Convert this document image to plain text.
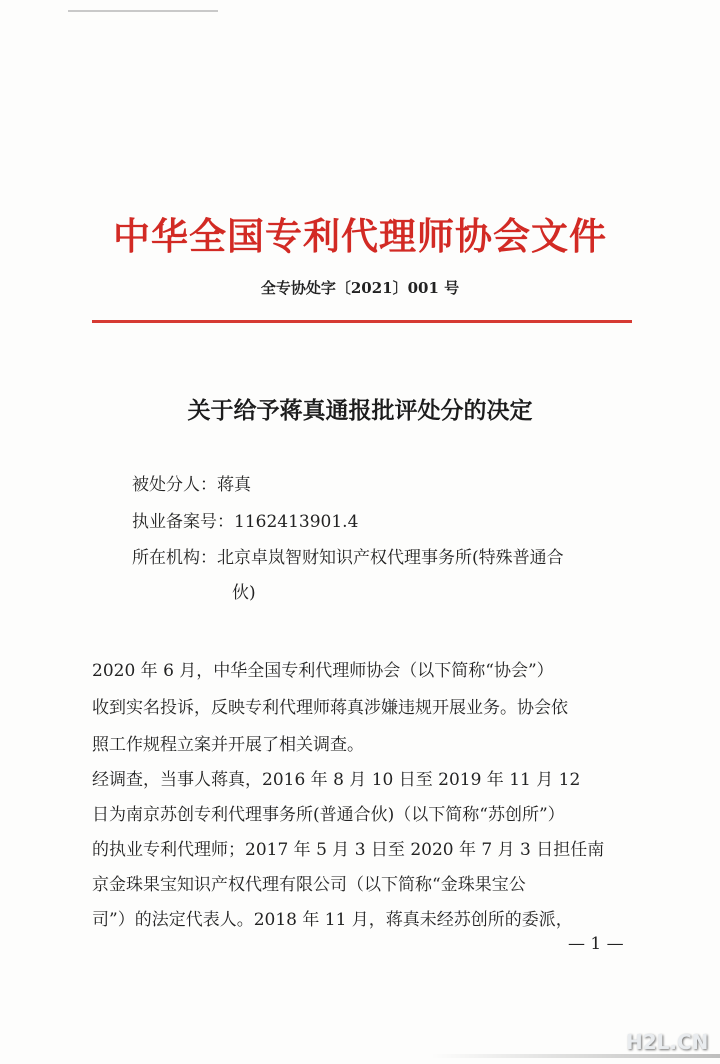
中华全国专利代理师协会文件
全专协处字〔2021〕001 号
关于给予蒋真通报批评处分的决定
被处分人：蒋真
执业备案号：1162413901.4
所在机构：北京卓岚智财知识产权代理事务所(特殊普通合
伙)
2020 年 6 月，中华全国专利代理师协会（以下简称“协会”）
收到实名投诉，反映专利代理师蒋真涉嫌违规开展业务。协会依
照工作规程立案并开展了相关调查。
经调查，当事人蒋真，2016 年 8 月 10 日至 2019 年 11 月 12
日为南京苏创专利代理事务所(普通合伙)（以下简称“苏创所”）
的执业专利代理师；2017 年 5 月 3 日至 2020 年 7 月 3 日担任南
京金珠果宝知识产权代理有限公司（以下简称“金珠果宝公
司”）的法定代表人。2018 年 11 月，蒋真未经苏创所的委派，
— 1 —
H2L.CN
